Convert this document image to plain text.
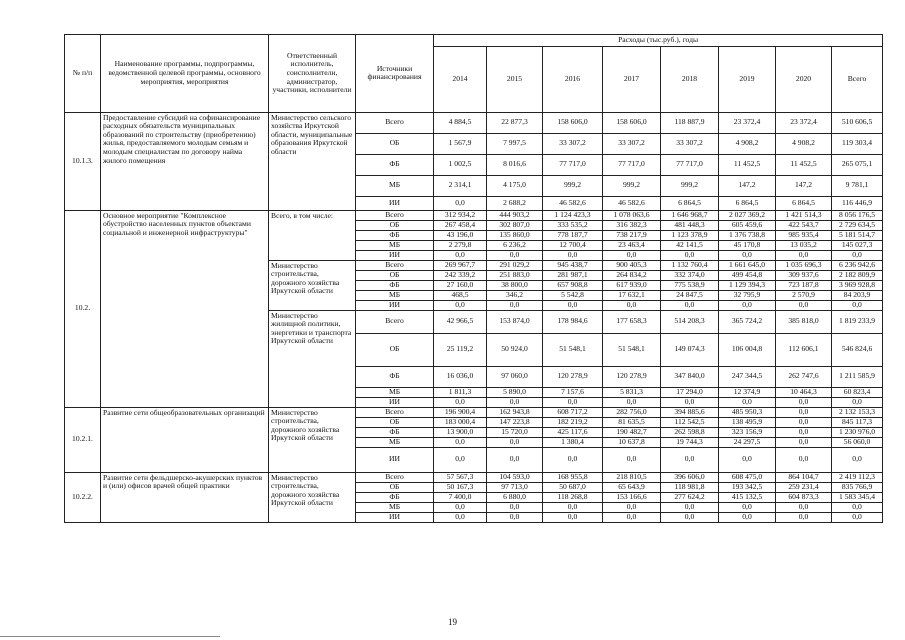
№ п/п	Наименование программы, подпрограммы, ведомственной целевой программы, основного мероприятия, мероприятия	Ответственный исполнитель, соисполнители, администратор, участники, исполнители	Источники финансирования	Расходы (тыс.руб.), годы							
				2014	2015	2016	2017	2018	2019	2020	Всего
10.1.3.	Предоставление субсидий на софинансирование расходных обязательств муниципальных образований по строительству (приобретению) жилья, предоставляемого молодым семьям и молодым специалистам по договору найма жилого помещения	Министерство сельского хозяйства Иркутской области, муниципальные образования Иркутской области	Всего	4 884,5	22 877,3	158 606,0	158 606,0	118 887,9	23 372,4	23 372,4	510 606,5
			ОБ	1 567,9	7 997,5	33 307,2	33 307,2	33 307,2	4 908,2	4 908,2	119 303,4
			ФБ	1 002,5	8 016,6	77 717,0	77 717,0	77 717,0	11 452,5	11 452,5	265 075,1
			МБ	2 314,1	4 175,0	999,2	999,2	999,2	147,2	147,2	9 781,1
			ИИ	0,0	2 688,2	46 582,6	46 582,6	6 864,5	6 864,5	6 864,5	116 446,9
10.2.	Основное мероприятие "Комплексное обустройство населенных пунктов объектами социальной и инженерной инфраструктуры"	Всего, в том числе:	Всего	312 934,2	444 903,2	1 124 423,3	1 078 063,6	1 646 968,7	2 027 369,2	1 421 514,3	8 056 176,5
			ОБ	267 458,4	302 807,0	333 535,2	316 382,3	481 448,3	605 459,6	422 543,7	2 729 634,5
			ФБ	43 196,0	135 860,0	778 187,7	738 217,9	1 123 378,9	1 376 738,8	985 935,4	5 181 514,7
			МБ	2 279,8	6 236,2	12 700,4	23 463,4	42 141,5	45 170,8	13 035,2	145 027,3
			ИИ	0,0	0,0	0,0	0,0	0,0	0,0	0,0	0,0
		Министерство строительства, дорожного хозяйства Иркутской области	Всего	269 967,7	291 029,2	945 438,7	900 405,3	1 132 760,4	1 661 645,0	1 035 696,3	6 236 942,6
			ОБ	242 339,2	251 883,0	281 987,1	264 834,2	332 374,0	499 454,8	309 937,6	2 182 809,9
			ФБ	27 160,0	38 800,0	657 908,8	617 939,0	775 538,9	1 129 394,3	723 187,8	3 969 928,8
			МБ	468,5	346,2	5 542,8	17 632,1	24 847,5	32 795,9	2 570,9	84 203,9
			ИИ	0,0	0,0	0,0	0,0	0,0	0,0	0,0	0,0
		Министерство жилищной политики, энергетики и транспорта Иркутской области	Всего	42 966,5	153 874,0	178 984,6	177 658,3	514 208,3	365 724,2	385 818,0	1 819 233,9
			ОБ	25 119,2	50 924,0	51 548,1	51 548,1	149 074,3	106 004,8	112 606,1	546 824,6
			ФБ	16 036,0	97 060,0	120 278,9	120 278,9	347 840,0	247 344,5	262 747,6	1 211 585,9
			МБ	1 811,3	5 890,0	7 157,6	5 831,3	17 294,0	12 374,9	10 464,3	60 823,4
			ИИ	0,0	0,0	0,0	0,0	0,0	0,0	0,0	0,0
10.2.1.	Развитие сети общеобразовательных организаций	Министерство строительства, дорожного хозяйства Иркутской области	Всего	196 900,4	162 943,8	608 717,2	282 756,0	394 885,6	485 950,3	0,0	2 132 153,3
			ОБ	183 000,4	147 223,8	182 219,2	81 635,5	112 542,5	138 495,9	0,0	845 117,3
			ФБ	13 900,0	15 720,0	425 117,6	190 482,7	262 598,8	323 156,9	0,0	1 230 976,0
			МБ	0,0	0,0	1 380,4	10 637,8	19 744,3	24 297,5	0,0	56 060,0
			ИИ	0,0	0,0	0,0	0,0	0,0	0,0	0,0	0,0
10.2.2.	Развитие сети фельдшерско-акушерских пунктов и (или) офисов врачей общей практики	Министерство строительства, дорожного хозяйства Иркутской области	Всего	57 567,3	104 593,0	168 955,8	218 810,5	396 606,0	608 475,0	864 104,7	2 419 112,3
			ОБ	50 167,3	97 713,0	50 687,0	65 643,9	118 981,8	193 342,5	259 231,4	835 766,9
			ФБ	7 400,0	6 880,0	118 268,8	153 166,6	277 624,2	415 132,5	604 873,3	1 583 345,4
			МБ	0,0	0,0	0,0	0,0	0,0	0,0	0,0	0,0
			ИИ	0,0	0,0	0,0	0,0	0,0	0,0	0,0	0,0
19
